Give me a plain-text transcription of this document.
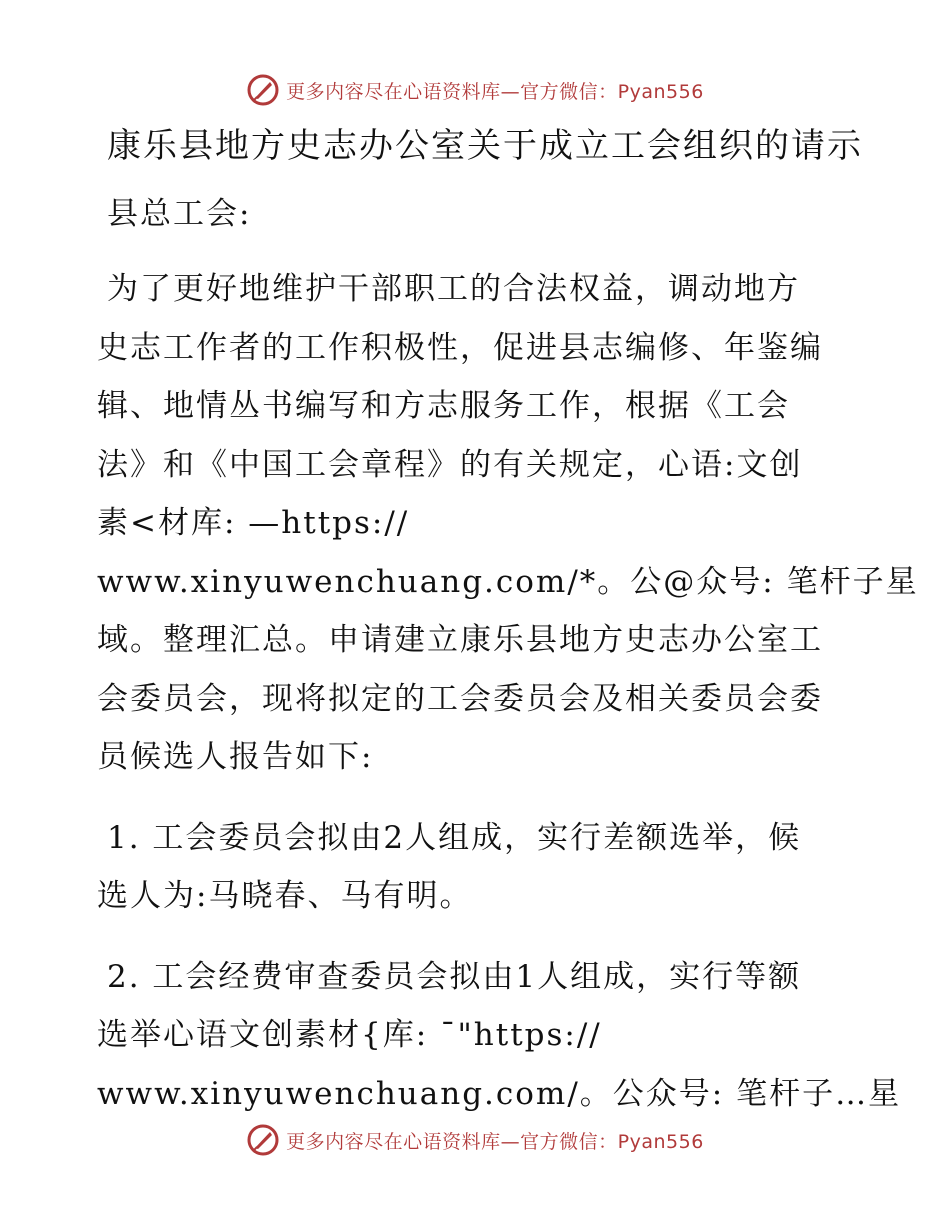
更多内容尽在心语资料库—官方微信：Pyan556
康乐县地方史志办公室关于成立工会组织的请示
县总工会:
为了更好地维护干部职工的合法权益，调动地方
史志工作者的工作积极性，促进县志编修、年鉴编
辑、地情丛书编写和方志服务工作，根据《工会
法》和《中国工会章程》的有关规定，心语:文创
素<材库: —https://
www.xinyuwenchuang.com/*。公@众号: 笔杆子星
域。整理汇总。申请建立康乐县地方史志办公室工
会委员会，现将拟定的工会委员会及相关委员会委
员候选人报告如下:
1. 工会委员会拟由2人组成，实行差额选举，候
选人为:马晓春、马有明。
2. 工会经费审查委员会拟由1人组成，实行等额
选举心语文创素材{库: ¯"https://
www.xinyuwenchuang.com/。公众号: 笔杆子…星
更多内容尽在心语资料库—官方微信：Pyan556
